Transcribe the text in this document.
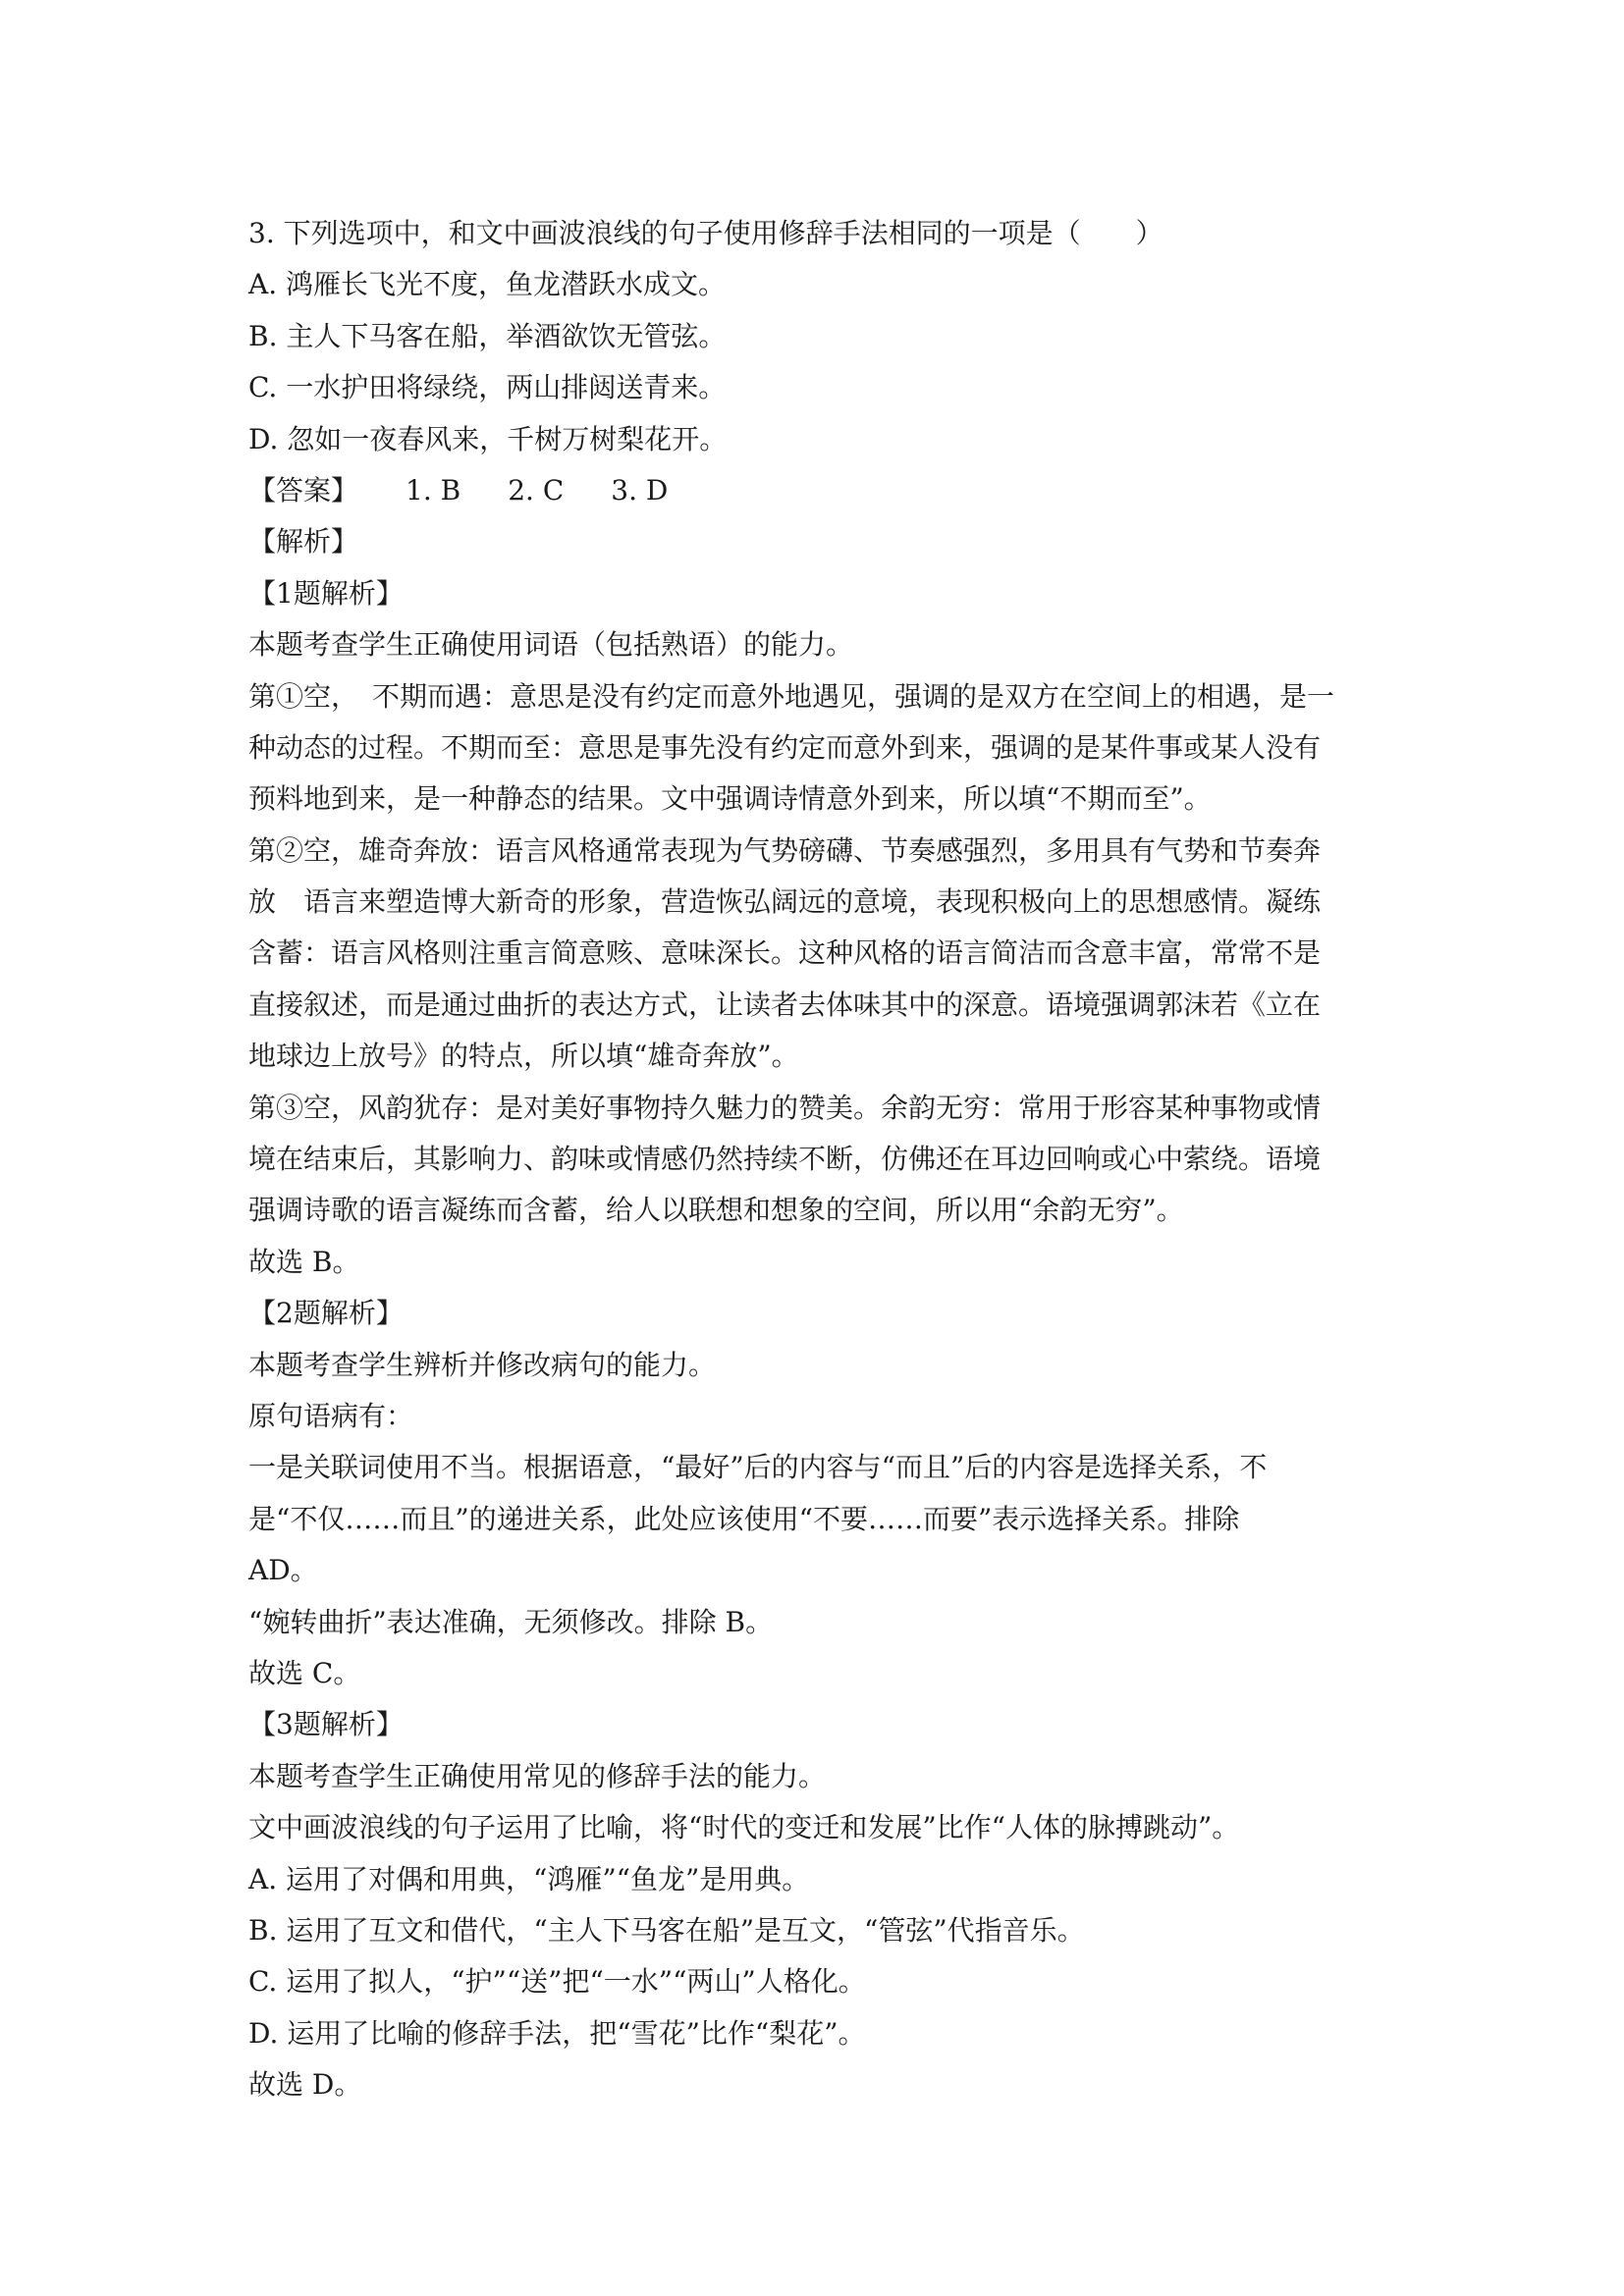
3. 下列选项中，和文中画波浪线的句子使用修辞手法相同的一项是（　　）
A. 鸿雁长飞光不度，鱼龙潜跃水成文。
B. 主人下马客在船，举酒欲饮无管弦。
C. 一水护田将绿绕，两山排闼送青来。
D. 忽如一夜春风来，千树万树梨花开。
【答案】 1. B 2. C 3. D
【解析】
【1题解析】
本题考查学生正确使用词语（包括熟语）的能力。
第①空，　不期而遇：意思是没有约定而意外地遇见，强调的是双方在空间上的相遇，是一
种动态的过程。不期而至：意思是事先没有约定而意外到来，强调的是某件事或某人没有
预料地到来，是一种静态的结果。文中强调诗情意外到来，所以填“不期而至”。
第②空，雄奇奔放：语言风格通常表现为气势磅礴、节奏感强烈，多用具有气势和节奏奔
放　语言来塑造博大新奇的形象，营造恢弘阔远的意境，表现积极向上的思想感情。凝练
含蓄：语言风格则注重言简意赅、意味深长。这种风格的语言简洁而含意丰富，常常不是
直接叙述，而是通过曲折的表达方式，让读者去体味其中的深意。语境强调郭沫若《立在
地球边上放号》的特点，所以填“雄奇奔放”。
第③空，风韵犹存：是对美好事物持久魅力的赞美。余韵无穷：常用于形容某种事物或情
境在结束后，其影响力、韵味或情感仍然持续不断，仿佛还在耳边回响或心中萦绕。语境
强调诗歌的语言凝练而含蓄，给人以联想和想象的空间，所以用“余韵无穷”。
故选 B。
【2题解析】
本题考查学生辨析并修改病句的能力。
原句语病有：
一是关联词使用不当。根据语意，“最好”后的内容与“而且”后的内容是选择关系，不
是“不仅……而且”的递进关系，此处应该使用“不要……而要”表示选择关系。排除
AD。
“婉转曲折”表达准确，无须修改。排除 B。
故选 C。
【3题解析】
本题考查学生正确使用常见的修辞手法的能力。
文中画波浪线的句子运用了比喻，将“时代的变迁和发展”比作“人体的脉搏跳动”。
A. 运用了对偶和用典，“鸿雁”“鱼龙”是用典。
B. 运用了互文和借代，“主人下马客在船”是互文，“管弦”代指音乐。
C. 运用了拟人，“护”“送”把“一水”“两山”人格化。
D. 运用了比喻的修辞手法，把“雪花”比作“梨花”。
故选 D。
